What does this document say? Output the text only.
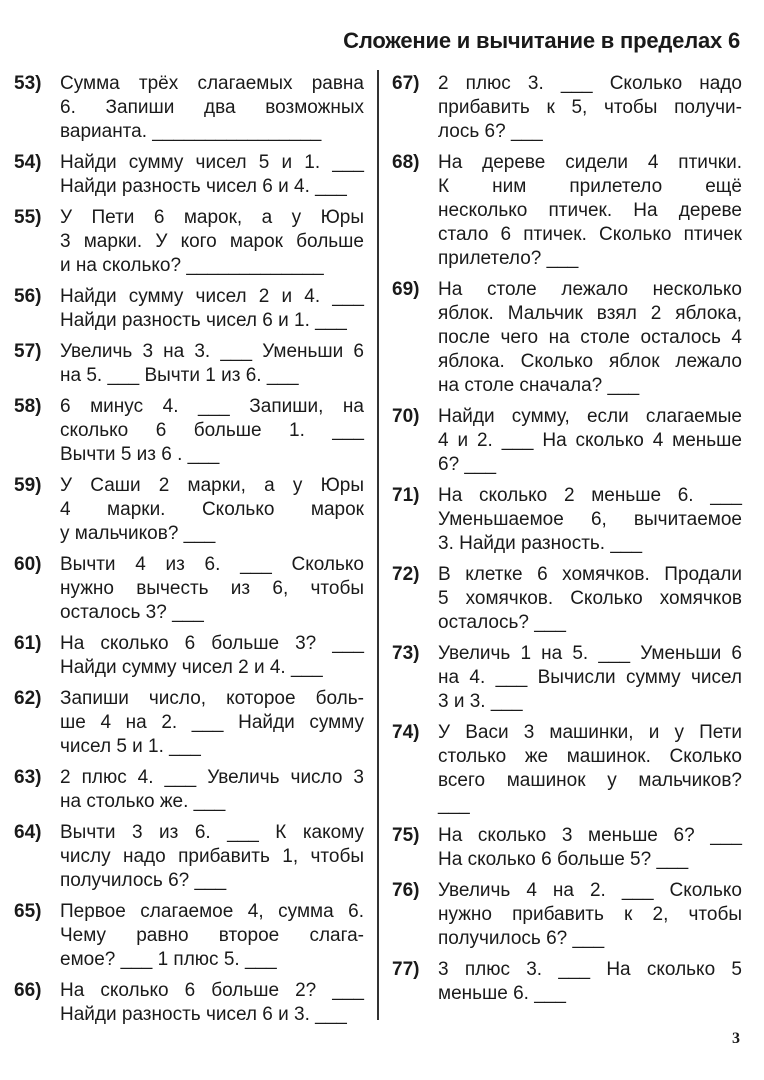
Сложение и вычитание в пределах 6
53) Сумма трёх слагаемых равна
6. Запиши два возможных
варианта. ________________
54) Найди сумму чисел 5 и 1. ___
Найди разность чисел 6 и 4. ___
55) У Пети 6 марок, а у Юры
3 марки. У кого марок больше
и на сколько? _____________
56) Найди сумму чисел 2 и 4. ___
Найди разность чисел 6 и 1. ___
57) Увеличь 3 на 3. ___ Уменьши 6
на 5. ___ Вычти 1 из 6. ___
58) 6 минус 4. ___ Запиши, на
сколько 6 больше 1. ___
Вычти 5 из 6 . ___
59) У Саши 2 марки, а у Юры
4 марки. Сколько марок
у мальчиков? ___
60) Вычти 4 из 6. ___ Сколько
нужно вычесть из 6, чтобы
осталось 3? ___
61) На сколько 6 больше 3? ___
Найди сумму чисел 2 и 4. ___
62) Запиши число, которое боль-
ше 4 на 2. ___ Найди сумму
чисел 5 и 1. ___
63) 2 плюс 4. ___ Увеличь число 3
на столько же. ___
64) Вычти 3 из 6. ___ К какому
числу надо прибавить 1, чтобы
получилось 6? ___
65) Первое слагаемое 4, сумма 6.
Чему равно второе слага-
емое? ___ 1 плюс 5. ___
66) На сколько 6 больше 2? ___
Найди разность чисел 6 и 3. ___
67) 2 плюс 3. ___ Сколько надо
прибавить к 5, чтобы получи-
лось 6? ___
68) На дереве сидели 4 птички.
К ним прилетело ещё
несколько птичек. На дереве
стало 6 птичек. Сколько птичек
прилетело? ___
69) На столе лежало несколько
яблок. Мальчик взял 2 яблока,
после чего на столе осталось 4
яблока. Сколько яблок лежало
на столе сначала? ___
70) Найди сумму, если слагаемые
4 и 2. ___ На сколько 4 меньше
6? ___
71) На сколько 2 меньше 6. ___
Уменьшаемое 6, вычитаемое
3. Найди разность. ___
72) В клетке 6 хомячков. Продали
5 хомячков. Сколько хомячков
осталось? ___
73) Увеличь 1 на 5. ___ Уменьши 6
на 4. ___ Вычисли сумму чисел
3 и 3. ___
74) У Васи 3 машинки, и у Пети
столько же машинок. Сколько
всего машинок у мальчиков?
___
75) На сколько 3 меньше 6? ___
На сколько 6 больше 5? ___
76) Увеличь 4 на 2. ___ Сколько
нужно прибавить к 2, чтобы
получилось 6? ___
77) 3 плюс 3. ___ На сколько 5
меньше 6. ___
3
